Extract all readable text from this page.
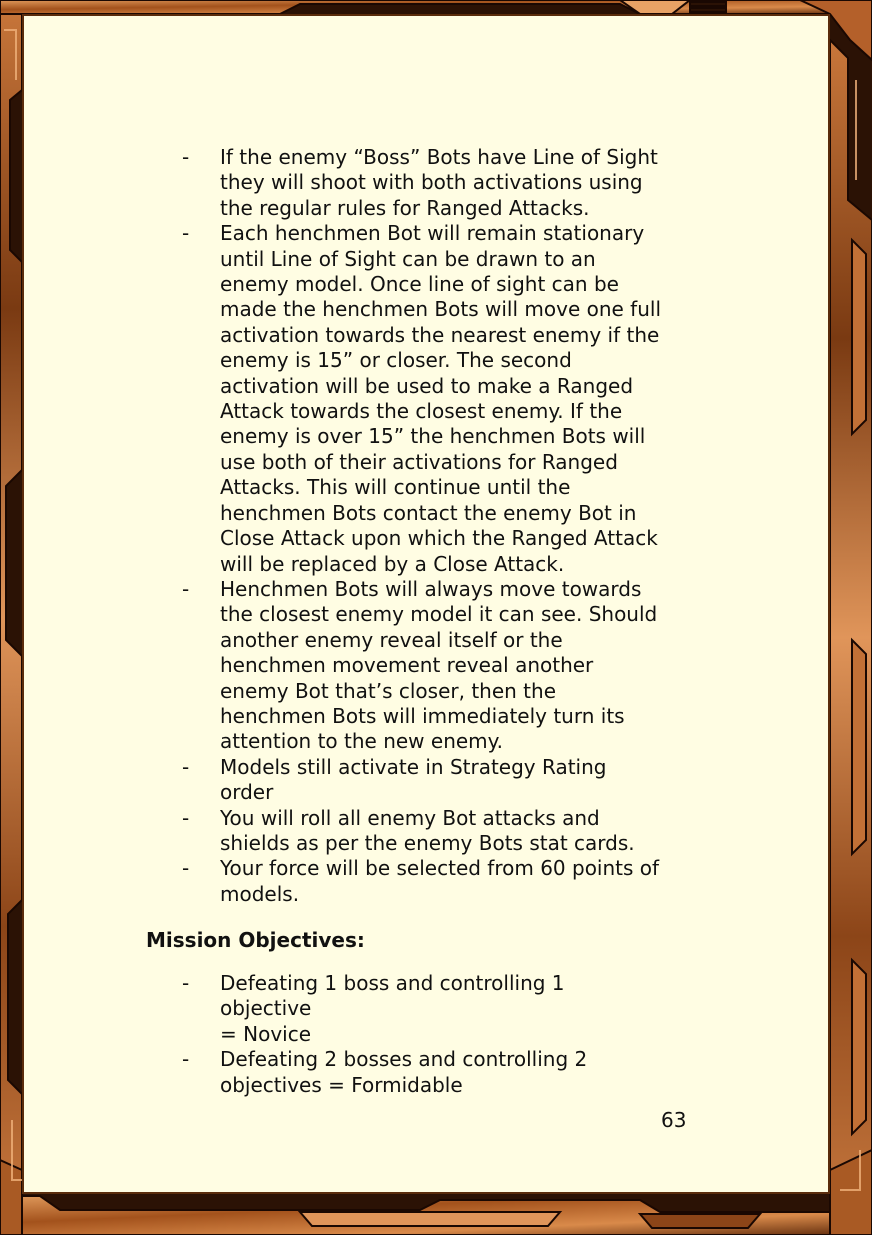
- If the enemy “Boss” Bots have Line of Sight
they will shoot with both activations using
the regular rules for Ranged Attacks.
- Each henchmen Bot will remain stationary
until Line of Sight can be drawn to an
enemy model. Once line of sight can be
made the henchmen Bots will move one full
activation towards the nearest enemy if the
enemy is 15” or closer. The second
activation will be used to make a Ranged
Attack towards the closest enemy. If the
enemy is over 15” the henchmen Bots will
use both of their activations for Ranged
Attacks. This will continue until the
henchmen Bots contact the enemy Bot in
Close Attack upon which the Ranged Attack
will be replaced by a Close Attack.
- Henchmen Bots will always move towards
the closest enemy model it can see. Should
another enemy reveal itself or the
henchmen movement reveal another
enemy Bot that’s closer, then the
henchmen Bots will immediately turn its
attention to the new enemy.
- Models still activate in Strategy Rating
order
- You will roll all enemy Bot attacks and
shields as per the enemy Bots stat cards.
- Your force will be selected from 60 points of
models.
Mission Objectives:
- Defeating 1 boss and controlling 1 objective
= Novice
- Defeating 2 bosses and controlling 2
objectives = Formidable
63
